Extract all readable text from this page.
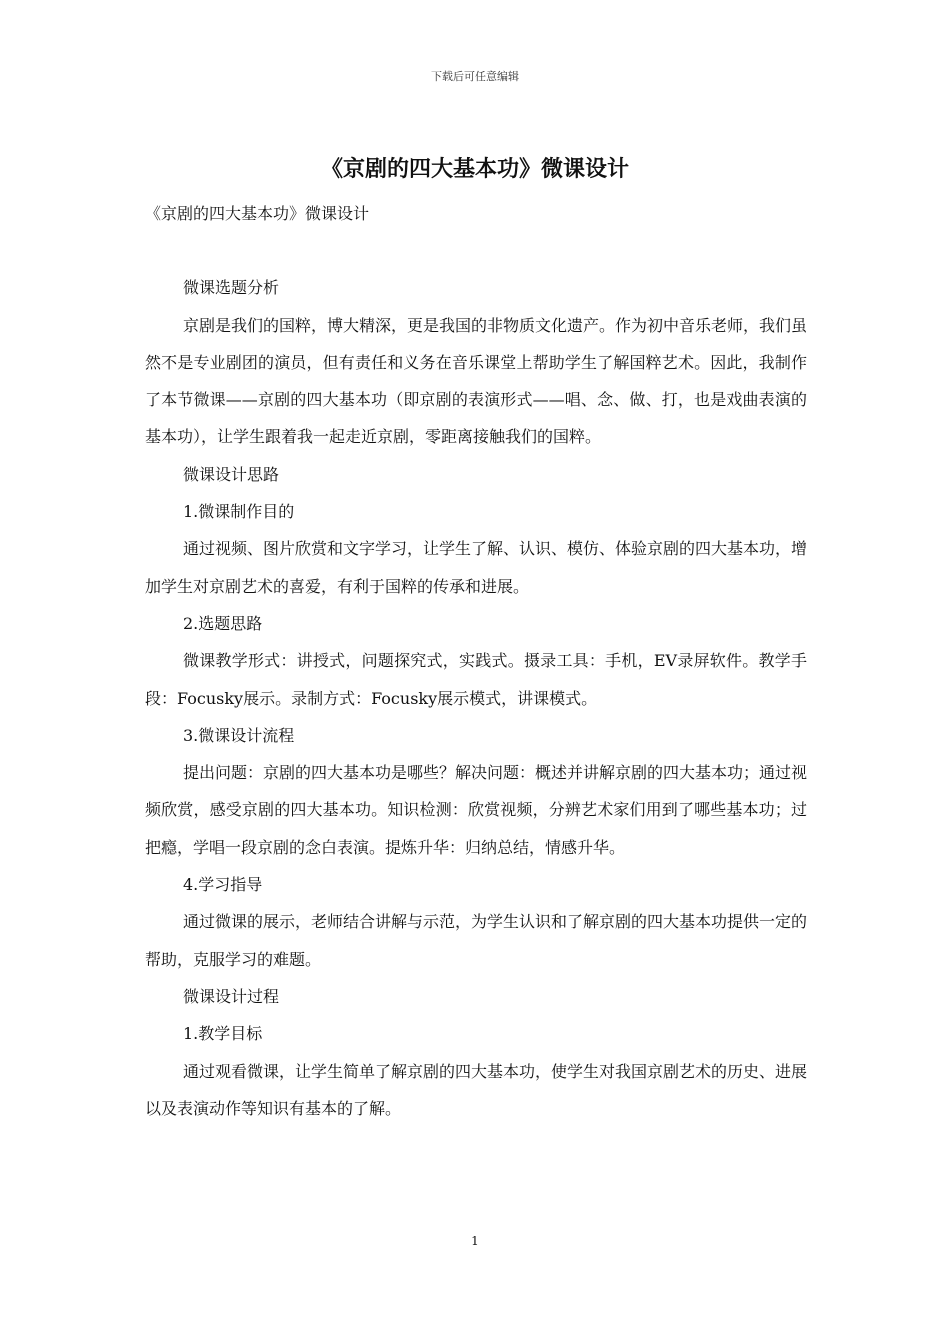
下载后可任意编辑
《京剧的四大基本功》微课设计

《京剧的四大基本功》微课设计

微课选题分析

京剧是我们的国粹，博大精深，更是我国的非物质文化遗产。作为初中音乐老师，我们虽然不是专业剧团的演员，但有责任和义务在音乐课堂上帮助学生了解国粹艺术。因此，我制作了本节微课——京剧的四大基本功（即京剧的表演形式——唱、念、做、打，也是戏曲表演的基本功），让学生跟着我一起走近京剧，零距离接触我们的国粹。

微课设计思路

1.微课制作目的

通过视频、图片欣赏和文字学习，让学生了解、认识、模仿、体验京剧的四大基本功，增加学生对京剧艺术的喜爱，有利于国粹的传承和进展。

2.选题思路

微课教学形式：讲授式，问题探究式，实践式。摄录工具：手机，EV录屏软件。教学手段：Focusky展示。录制方式：Focusky展示模式，讲课模式。

3.微课设计流程

提出问题：京剧的四大基本功是哪些？解决问题：概述并讲解京剧的四大基本功；通过视频欣赏，感受京剧的四大基本功。知识检测：欣赏视频，分辨艺术家们用到了哪些基本功；过把瘾，学唱一段京剧的念白表演。提炼升华：归纳总结，情感升华。

4.学习指导

通过微课的展示，老师结合讲解与示范，为学生认识和了解京剧的四大基本功提供一定的帮助，克服学习的难题。

微课设计过程

1.教学目标

通过观看微课，让学生简单了解京剧的四大基本功，使学生对我国京剧艺术的历史、进展以及表演动作等知识有基本的了解。

1
